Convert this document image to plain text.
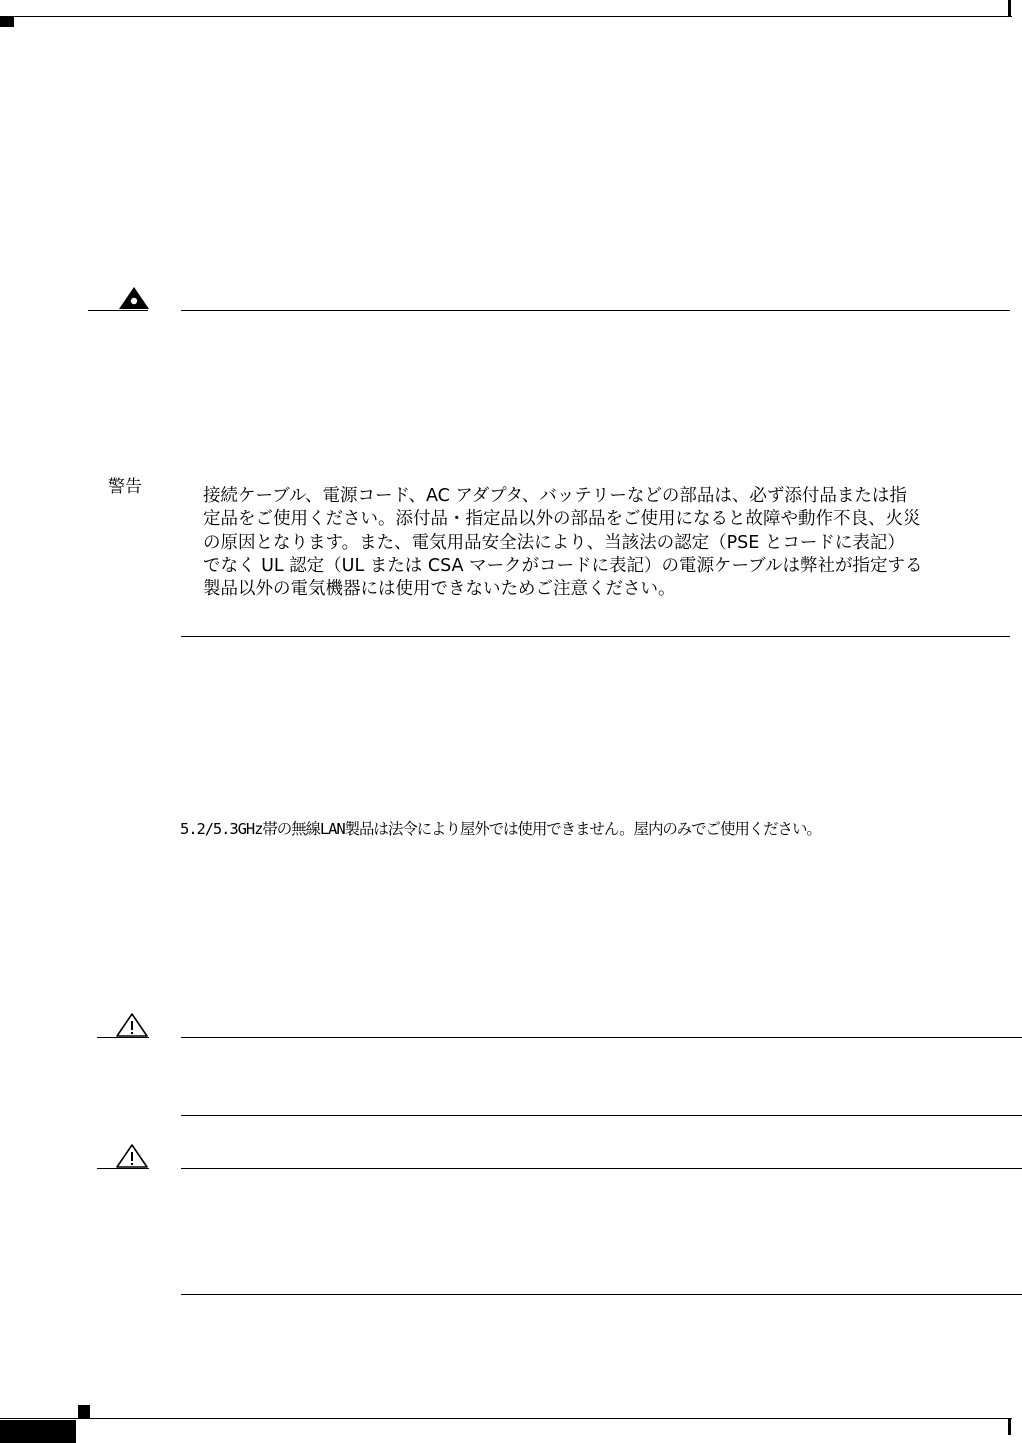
警告	接続ケーブル、電源コード、AC アダプタ、バッテリーなどの部品は、必ず添付品または指
定品をご使用ください。添付品・指定品以外の部品をご使用になると故障や動作不良、火災
の原因となります。また、電気用品安全法により、当該法の認定（PSE とコードに表記）
でなく UL 認定（UL または CSA マークがコードに表記）の電源ケーブルは弊社が指定する
製品以外の電気機器には使用できないためご注意ください。
5.2/5.3GHz帯の無線LAN製品は法令により屋外では使用できません。屋内のみでご使用ください。
